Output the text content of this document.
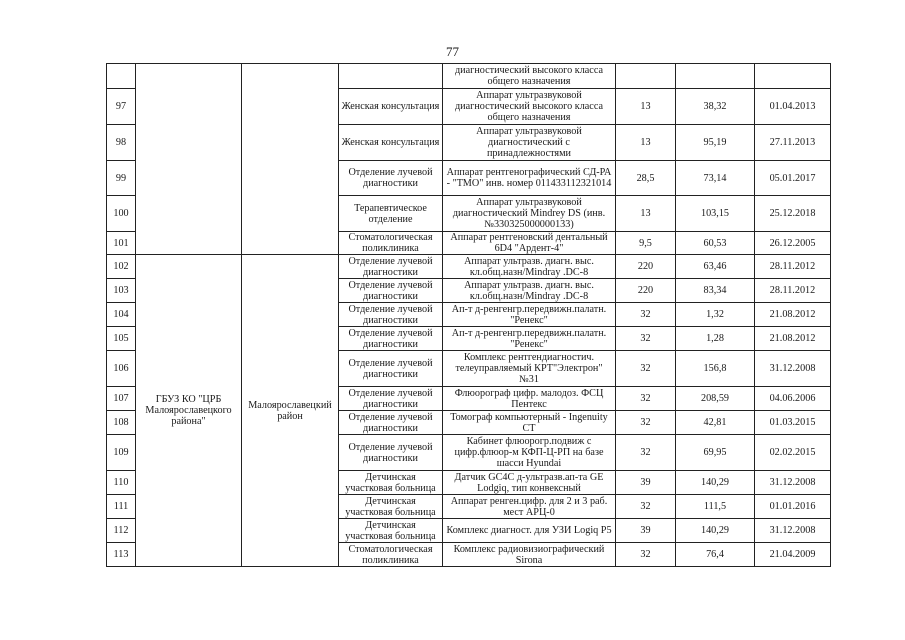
77
				диагностический высокого класса общего назначения			
97			Женская консультация	Аппарат ультразвуковой диагностический высокого класса общего назначения	13	38,32	01.04.2013
98			Женская консультация	Аппарат ультразвуковой диагностический с принадлежностями	13	95,19	27.11.2013
99			Отделение лучевой диагностики	Аппарат рентгенографический СД-РА - "ТМО" инв. номер 011433112321014	28,5	73,14	05.01.2017
100			Терапевтическое отделение	Аппарат ультразвуковой диагностический Mindrey DS (инв. №330325000000133)	13	103,15	25.12.2018
101			Стоматологическая поликлиника	Аппарат рентгеновский дентальный 6D4 "Ардент-4"	9,5	60,53	26.12.2005
102	ГБУЗ КО "ЦРБ Малоярославецкого района"	Малоярославецкий район	Отделение лучевой диагностики	Аппарат ультразв. диагн. выс. кл.общ.назн/Mindray .DC-8	220	63,46	28.11.2012
103			Отделение лучевой диагностики	Аппарат ультразв. диагн. выс. кл.общ.назн/Mindray .DC-8	220	83,34	28.11.2012
104			Отделение лучевой диагностики	Ап-т д-ренгенгр.передвижн.палатн. "Ренекс"	32	1,32	21.08.2012
105			Отделение лучевой диагностики	Ап-т д-ренгенгр.передвижн.палатн. "Ренекс"	32	1,28	21.08.2012
106			Отделение лучевой диагностики	Комплекс рентгендиагностич. телеуправляемый КРТ"Электрон" №31	32	156,8	31.12.2008
107			Отделение лучевой диагностики	Флюорограф цифр. малодоз. ФСЦ Пентекс	32	208,59	04.06.2006
108			Отделение лучевой диагностики	Томограф компьютерный - Ingenuity CT	32	42,81	01.03.2015
109			Отделение лучевой диагностики	Кабинет флюорогр.подвиж с цифр.флюор-м КФП-Ц-РП на базе шасси Hyundai	32	69,95	02.02.2015
110			Детчинская участковая больница	Датчик GC4C д-ультразв.ап-та GE Lodgiq, тип конвексный	39	140,29	31.12.2008
111			Детчинская участковая больница	Аппарат ренген.цифр. для 2 и 3 раб. мест АРЦ-0	32	111,5	01.01.2016
112			Детчинская участковая больница	Комплекс диагност. для УЗИ Logiq P5	39	140,29	31.12.2008
113			Стоматологическая поликлиника	Комплекс радиовизиографический Sirona	32	76,4	21.04.2009
